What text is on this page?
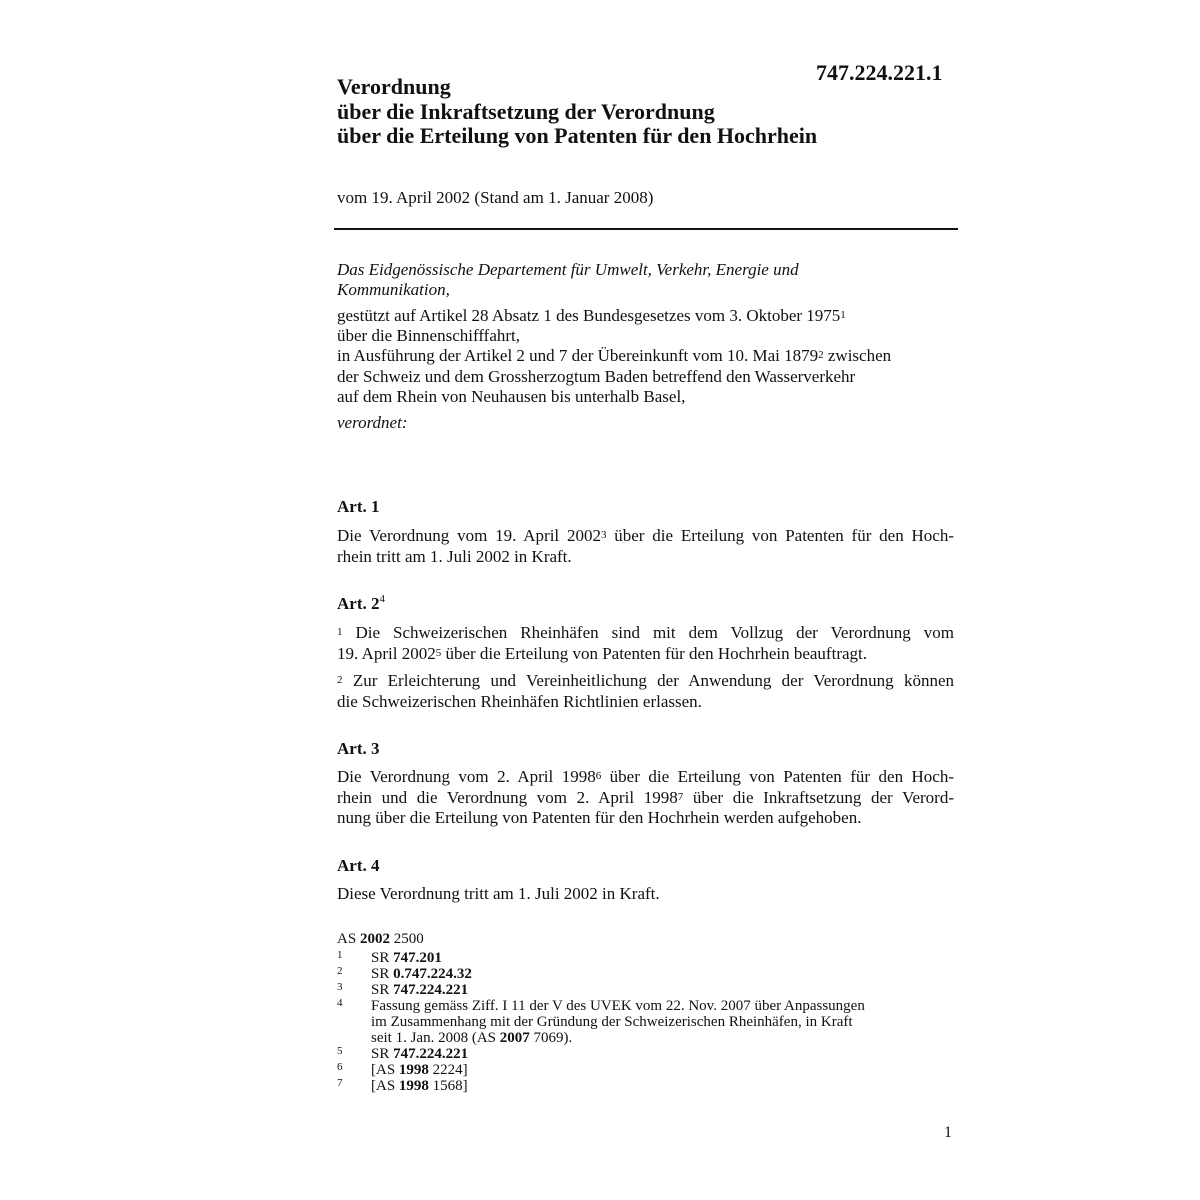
747.224.221.1
Verordnung
über die Inkraftsetzung der Verordnung
über die Erteilung von Patenten für den Hochrhein
vom 19. April 2002 (Stand am 1. Januar 2008)
Das Eidgenössische Departement für Umwelt, Verkehr, Energie und
Kommunikation,
gestützt auf Artikel 28 Absatz 1 des Bundesgesetzes vom 3. Oktober 1975$^1$
über die Binnenschifffahrt,
in Ausführung der Artikel 2 und 7 der Übereinkunft vom 10. Mai 1879$^2$ zwischen
der Schweiz und dem Grossherzogtum Baden betreffend den Wasserverkehr
auf dem Rhein von Neuhausen bis unterhalb Basel,
verordnet:
Art. 1
Die Verordnung vom 19. April 2002$^3$ über die Erteilung von Patenten für den Hoch-
rhein tritt am 1. Juli 2002 in Kraft.
Art. $2^4$
$^1$ Die Schweizerischen Rheinhäfen sind mit dem Vollzug der Verordnung vom
19. April 2002$^5$ über die Erteilung von Patenten für den Hochrhein beauftragt.
$^2$ Zur Erleichterung und Vereinheitlichung der Anwendung der Verordnung können
die Schweizerischen Rheinhäfen Richtlinien erlassen.
Art. 3
Die Verordnung vom 2. April 1998$^6$ über die Erteilung von Patenten für den Hoch-
rhein und die Verordnung vom 2. April 1998$^7$ über die Inkraftsetzung der Verord-
nung über die Erteilung von Patenten für den Hochrhein werden aufgehoben.
Art. 4
Diese Verordnung tritt am 1. Juli 2002 in Kraft.
AS 2002 2500
1 SR 747.201
2 SR 0.747.224.32
3 SR 747.224.221
4 Fassung gemäss Ziff. I 11 der V des UVEK vom 22. Nov. 2007 über Anpassungen
im Zusammenhang mit der Gründung der Schweizerischen Rheinhäfen, in Kraft
seit 1. Jan. 2008 (AS 2007 7069).
5 SR 747.224.221
6 [AS 1998 2224]
7 [AS 1998 1568]
1
